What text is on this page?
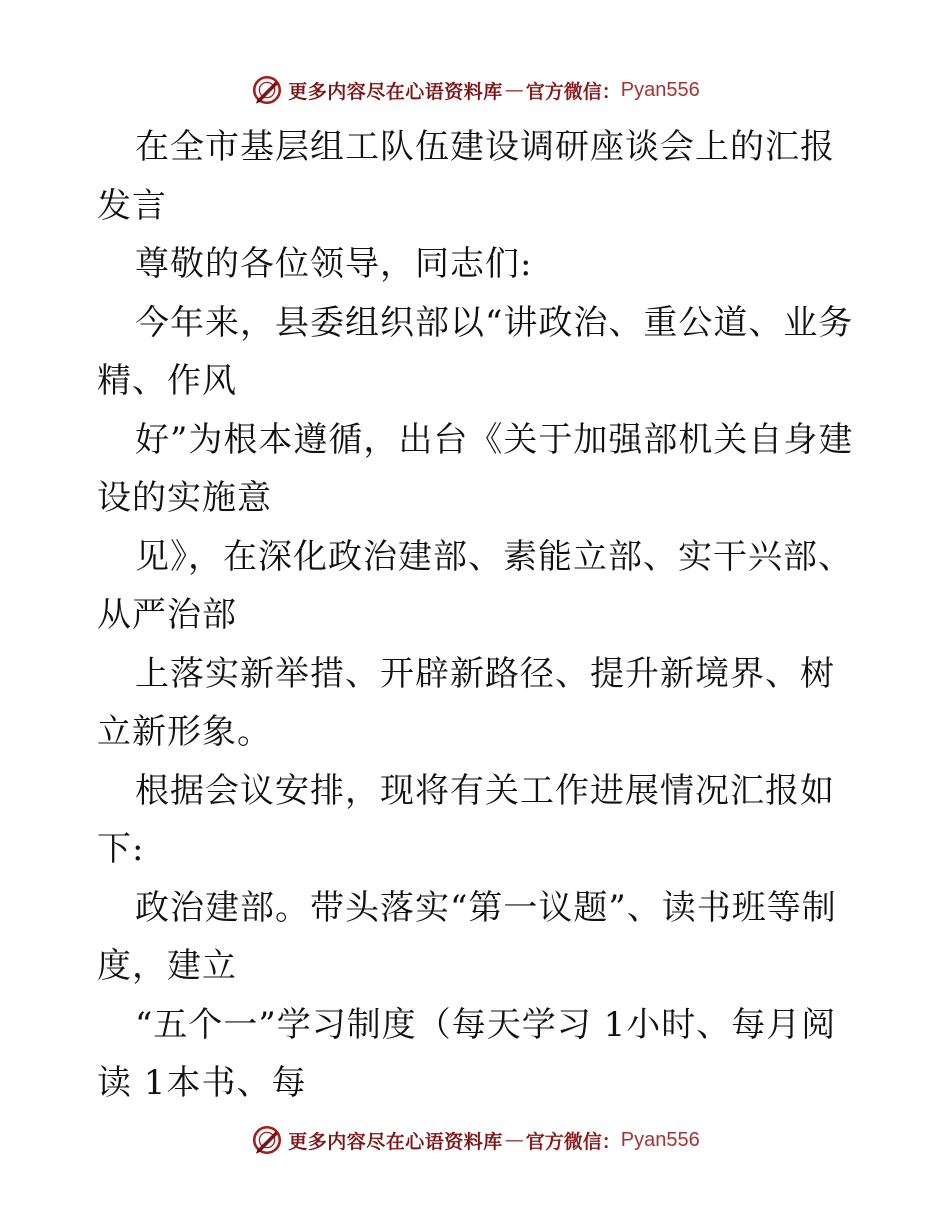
更多内容尽在心语资料库 — 官方微信： Pyan556

在全市基层组工队伍建设调研座谈会上的汇报发言

尊敬的各位领导，同志们:

今年来，县委组织部以“讲政治、重公道、业务精、作风

好”为根本遵循，出台《关于加强部机关自身建设的实施意

见》，在深化政治建部、素能立部、实干兴部、从严治部

上落实新举措、开辟新路径、提升新境界、树立新形象。

根据会议安排，现将有关工作进展情况汇报如下:

政治建部。带头落实“第一议题”、读书班等制度，建立

“五个一”学习制度（每天学习 1小时、每月阅读 1本书、每

更多内容尽在心语资料库 — 官方微信： Pyan556
